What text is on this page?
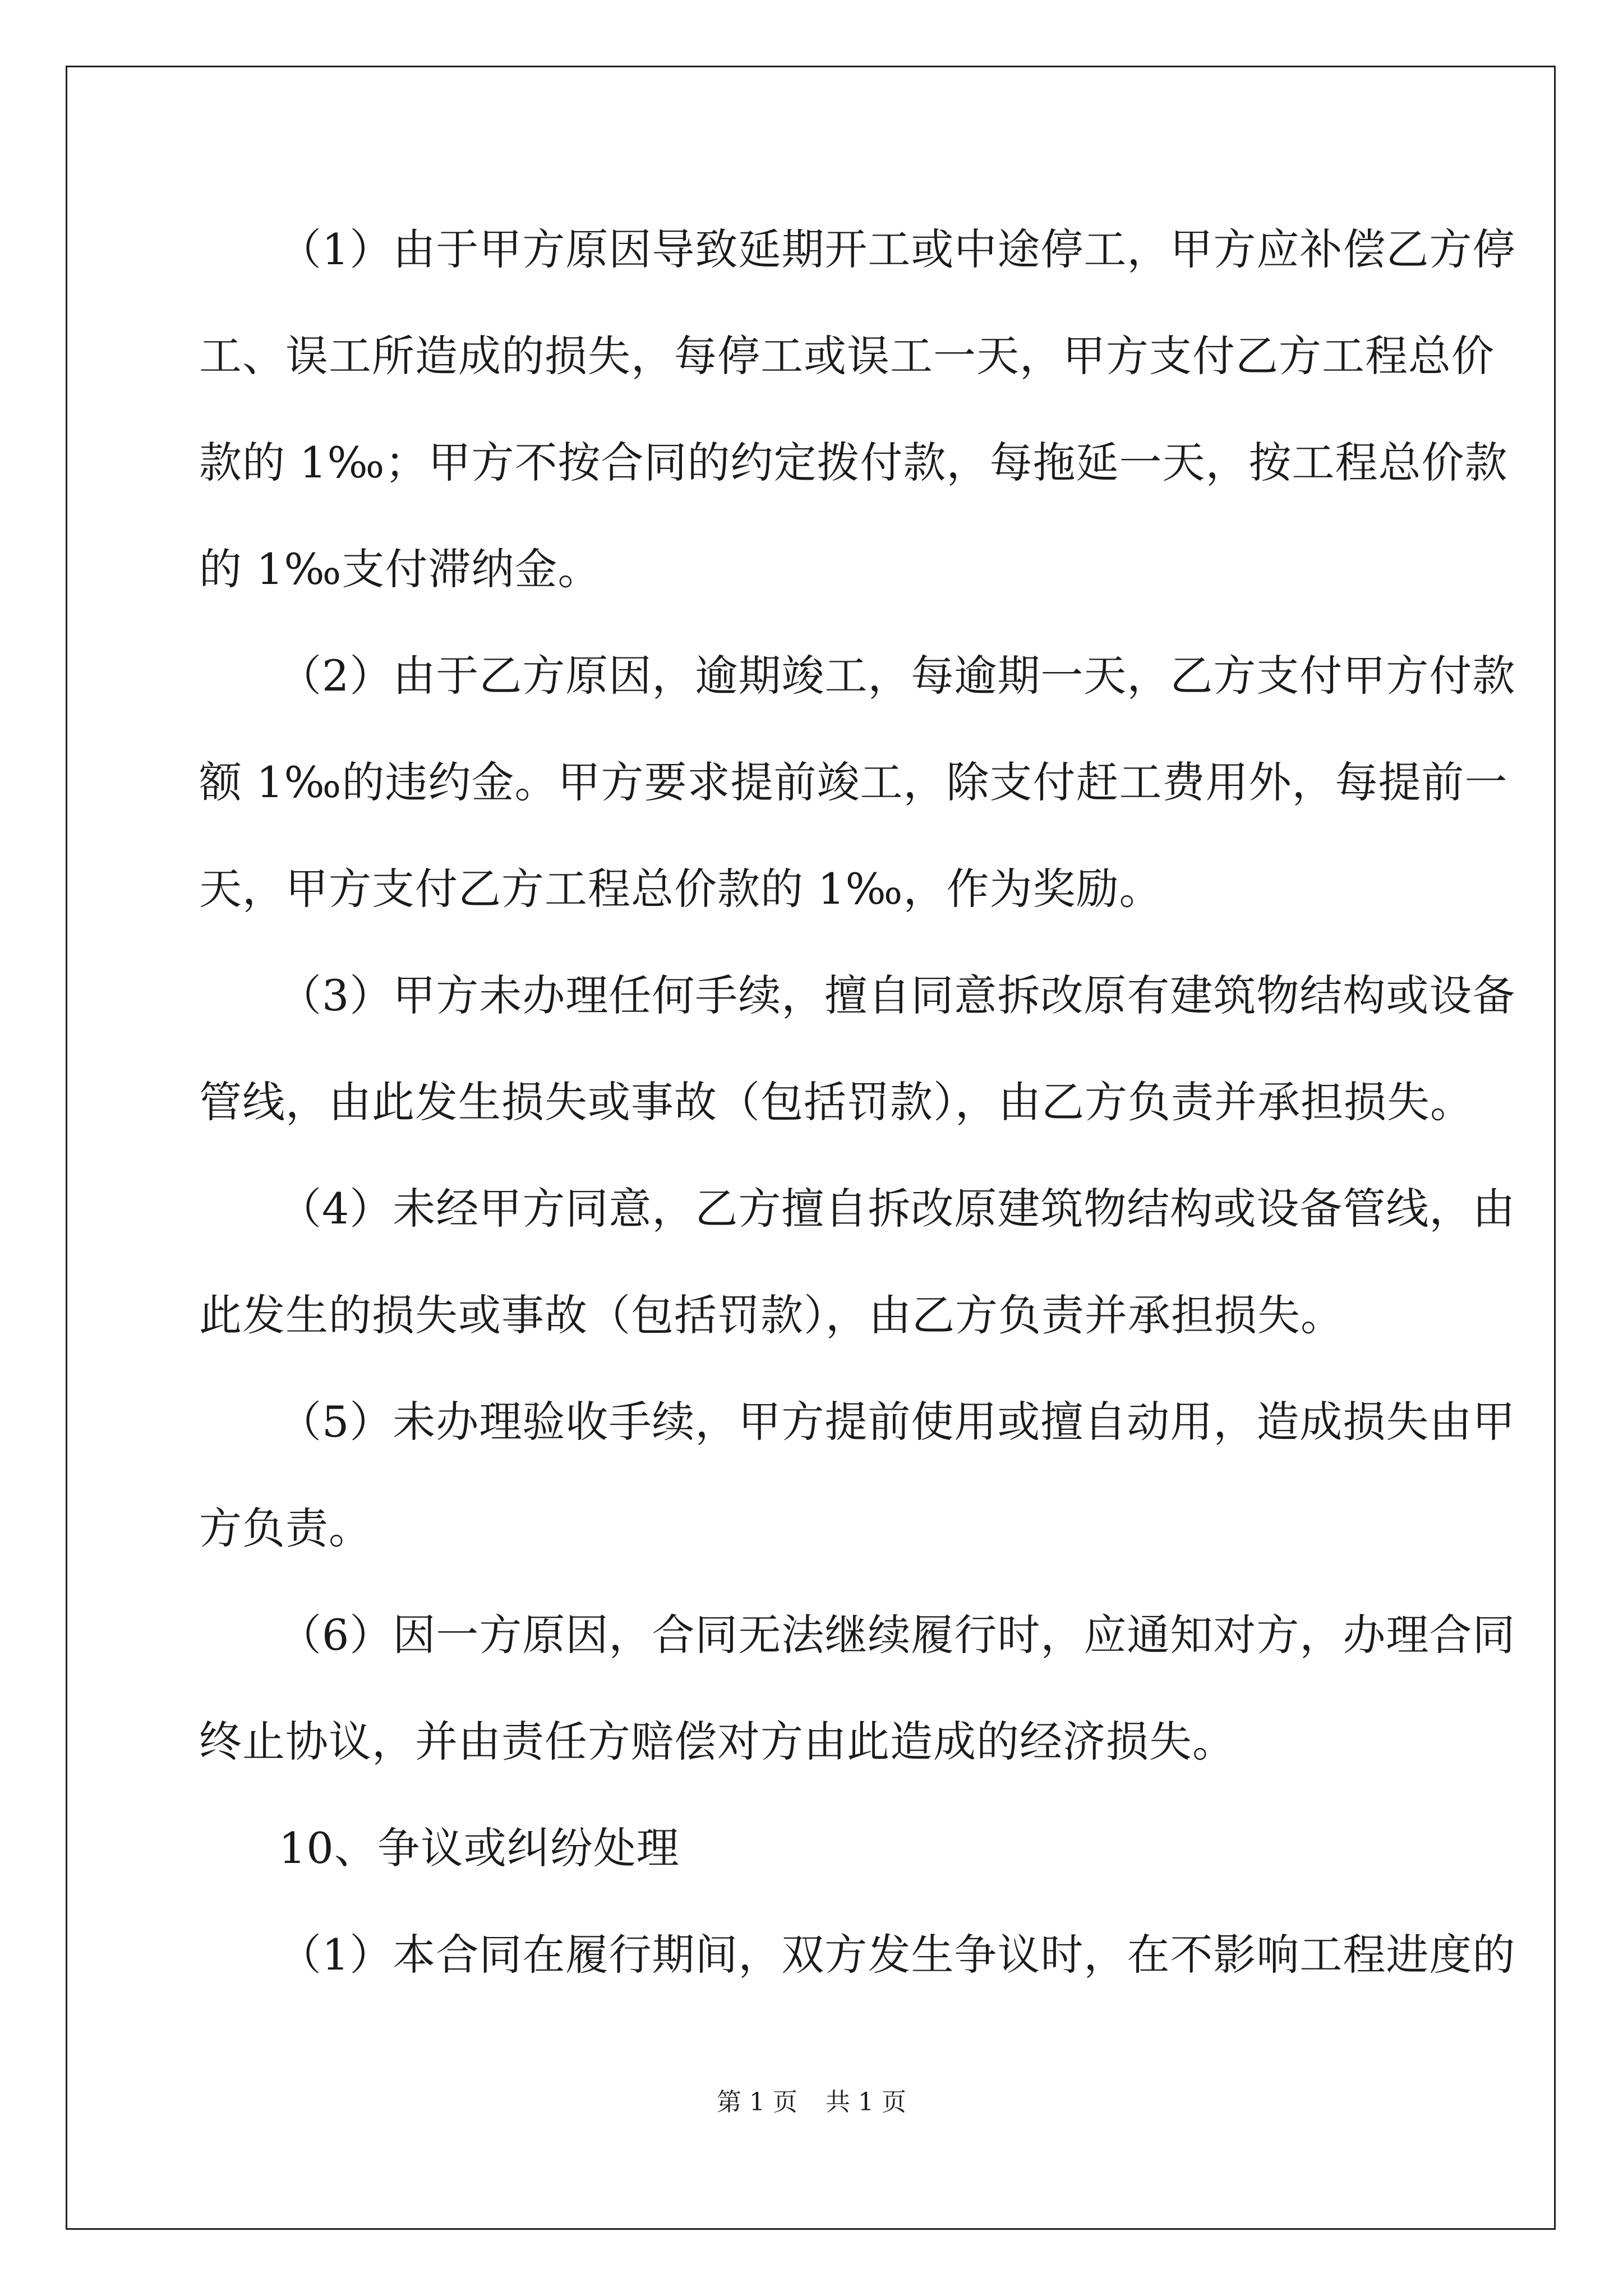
（1）由于甲方原因导致延期开工或中途停工，甲方应补偿乙方停
工、误工所造成的损失，每停工或误工一天，甲方支付乙方工程总价
款的 1‰；甲方不按合同的约定拨付款，每拖延一天，按工程总价款
的 1‰支付滞纳金。
（2）由于乙方原因，逾期竣工，每逾期一天，乙方支付甲方付款
额 1‰的违约金。甲方要求提前竣工，除支付赶工费用外，每提前一
天，甲方支付乙方工程总价款的 1‰，作为奖励。
（3）甲方未办理任何手续，擅自同意拆改原有建筑物结构或设备
管线，由此发生损失或事故（包括罚款），由乙方负责并承担损失。
（4）未经甲方同意，乙方擅自拆改原建筑物结构或设备管线，由
此发生的损失或事故（包括罚款），由乙方负责并承担损失。
（5）未办理验收手续，甲方提前使用或擅自动用，造成损失由甲
方负责。
（6）因一方原因，合同无法继续履行时，应通知对方，办理合同
终止协议，并由责任方赔偿对方由此造成的经济损失。
10、争议或纠纷处理
（1）本合同在履行期间，双方发生争议时，在不影响工程进度的
第 1 页 共 1 页
